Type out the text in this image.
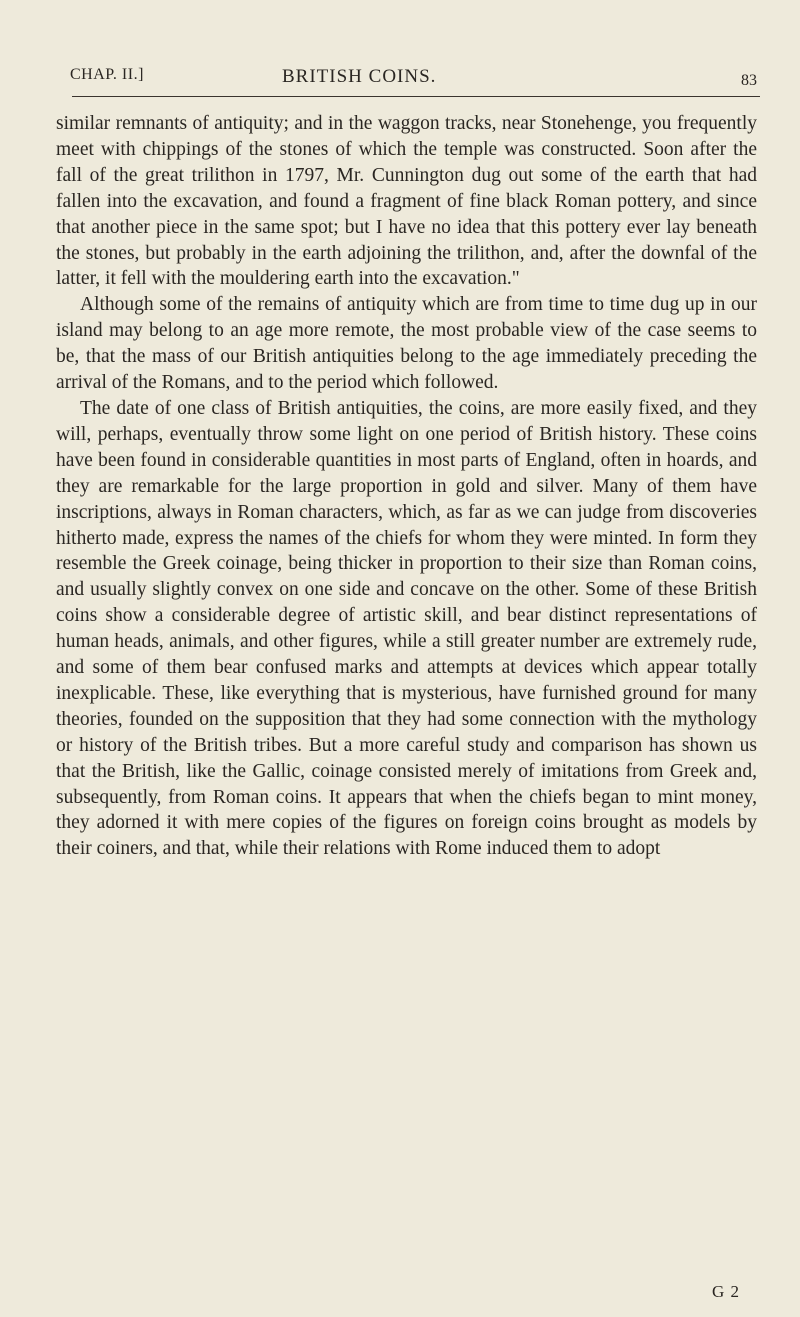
CHAP. II.]	BRITISH COINS.	83

similar remnants of antiquity; and in the waggon tracks, near Stonehenge, you frequently meet with chippings of the stones of which the temple was constructed. Soon after the fall of the great trilithon in 1797, Mr. Cunnington dug out some of the earth that had fallen into the excavation, and found a fragment of fine black Roman pottery, and since that another piece in the same spot; but I have no idea that this pottery ever lay beneath the stones, but probably in the earth adjoining the trilithon, and, after the downfal of the latter, it fell with the mouldering earth into the excavation."

Although some of the remains of antiquity which are from time to time dug up in our island may belong to an age more remote, the most probable view of the case seems to be, that the mass of our British antiquities belong to the age immediately preceding the arrival of the Romans, and to the period which followed.

The date of one class of British antiquities, the coins, are more easily fixed, and they will, perhaps, eventually throw some light on one period of British history. These coins have been found in considerable quantities in most parts of England, often in hoards, and they are remarkable for the large proportion in gold and silver. Many of them have inscriptions, always in Roman characters, which, as far as we can judge from discoveries hitherto made, express the names of the chiefs for whom they were minted. In form they resemble the Greek coinage, being thicker in proportion to their size than Roman coins, and usually slightly convex on one side and concave on the other. Some of these British coins show a considerable degree of artistic skill, and bear distinct representations of human heads, animals, and other figures, while a still greater number are extremely rude, and some of them bear confused marks and attempts at devices which appear totally inexplicable. These, like everything that is mysterious, have furnished ground for many theories, founded on the supposition that they had some connection with the mythology or history of the British tribes. But a more careful study and comparison has shown us that the British, like the Gallic, coinage consisted merely of imitations from Greek and, subsequently, from Roman coins. It appears that when the chiefs began to mint money, they adorned it with mere copies of the figures on foreign coins brought as models by their coiners, and that, while their relations with Rome induced them to adopt

G 2
